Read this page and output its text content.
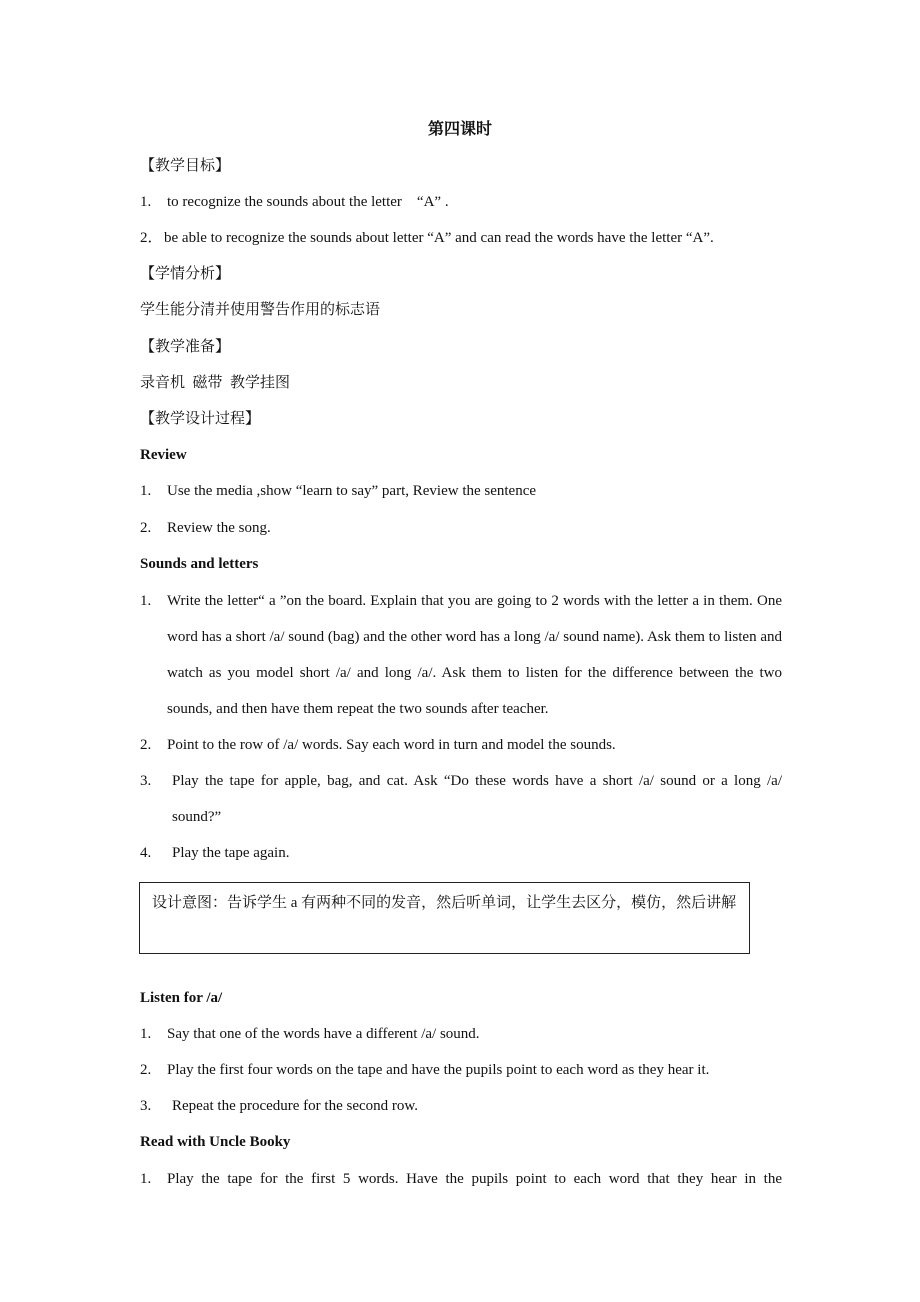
第四课时
【教学目标】
1. to recognize the sounds about the letter　“A” .
2． be able to recognize the sounds about letter “A” and can read the words have the letter “A”.
【学情分析】
学生能分清并使用警告作用的标志语
【教学准备】
录音机  磁带  教学挂图
【教学设计过程】
Review
1. Use the media ,show “learn to say” part, Review the sentence
2. Review the song.
Sounds and letters
1. Write the letter“ a ”on the board. Explain that you are going to 2 words with the letter a in them. One word has a short /a/ sound (bag) and the other word has a long /a/ sound name). Ask them to listen and watch as you model short /a/ and long /a/. Ask them to listen for the difference between the two sounds, and then have them repeat the two sounds after teacher.
2. Point to the row of /a/ words. Say each word in turn and model the sounds.
3. Play the tape for apple, bag, and cat. Ask “Do these words have a short /a/ sound or a long /a/ sound?”
4. Play the tape again.
设计意图：告诉学生 a 有两种不同的发音，然后听单词，让学生去区分，模仿，然后讲解
Listen for /a/
1. Say that one of the words have a different /a/ sound.
2. Play the first four words on the tape and have the pupils point to each word as they hear it.
3. Repeat the procedure for the second row.
Read with Uncle Booky
1. Play the tape for the first 5 words. Have the pupils point to each word that they hear in the
